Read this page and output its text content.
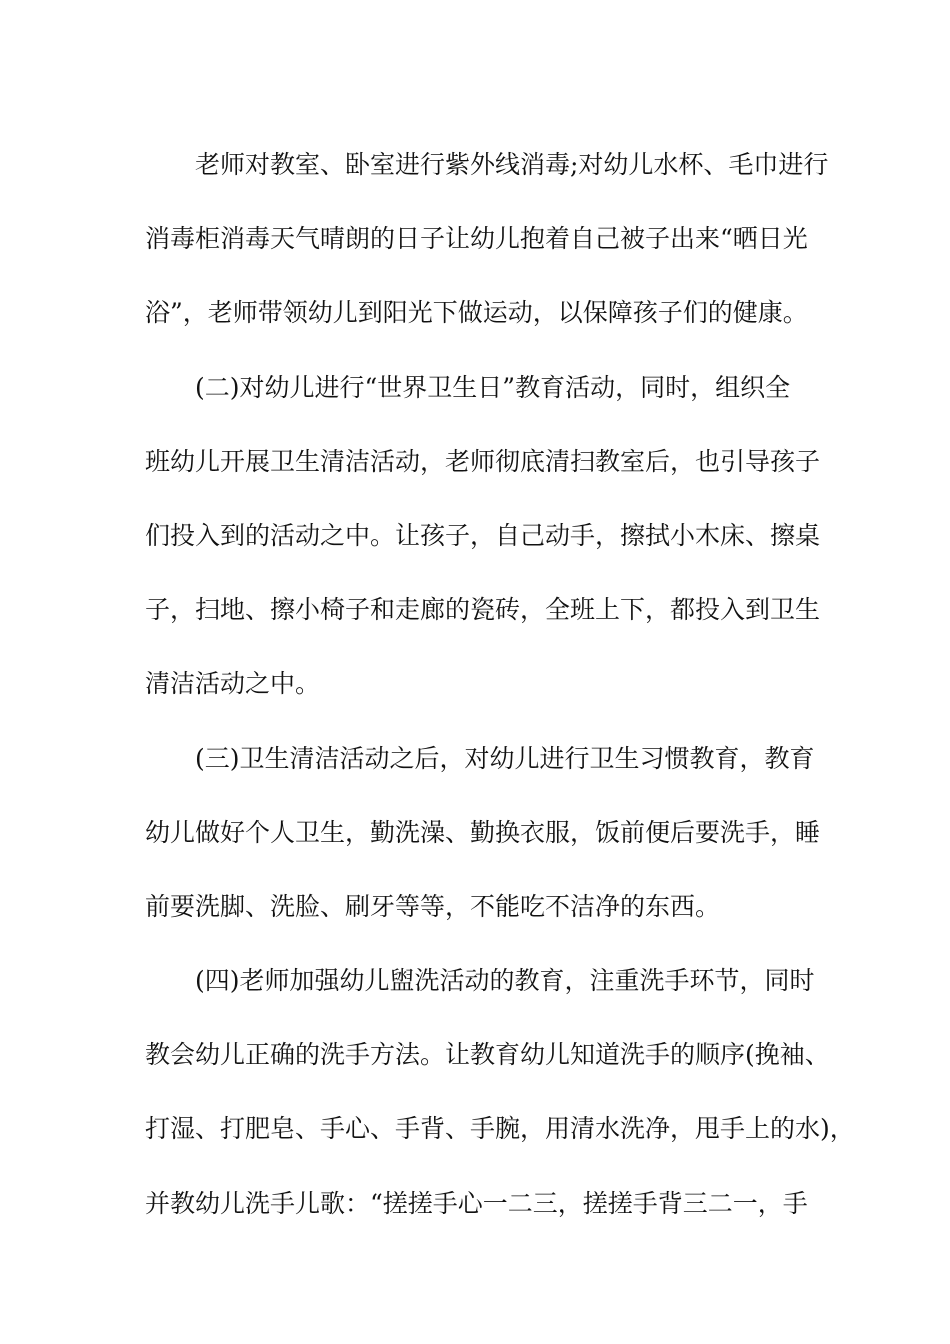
老师对教室、卧室进行紫外线消毒;对幼儿水杯、毛巾进行
消毒柜消毒天气晴朗的日子让幼儿抱着自己被子出来“晒日光
浴”，老师带领幼儿到阳光下做运动，以保障孩子们的健康。
(二)对幼儿进行“世界卫生日”教育活动，同时，组织全
班幼儿开展卫生清洁活动，老师彻底清扫教室后，也引导孩子
们投入到的活动之中。让孩子，自己动手，擦拭小木床、擦桌
子，扫地、擦小椅子和走廊的瓷砖，全班上下，都投入到卫生
清洁活动之中。
(三)卫生清洁活动之后，对幼儿进行卫生习惯教育，教育
幼儿做好个人卫生，勤洗澡、勤换衣服，饭前便后要洗手，睡
前要洗脚、洗脸、刷牙等等，不能吃不洁净的东西。
(四)老师加强幼儿盥洗活动的教育，注重洗手环节，同时
教会幼儿正确的洗手方法。让教育幼儿知道洗手的顺序(挽袖、
打湿、打肥皂、手心、手背、手腕，用清水洗净，甩手上的水)，
并教幼儿洗手儿歌：“搓搓手心一二三，搓搓手背三二一，手
